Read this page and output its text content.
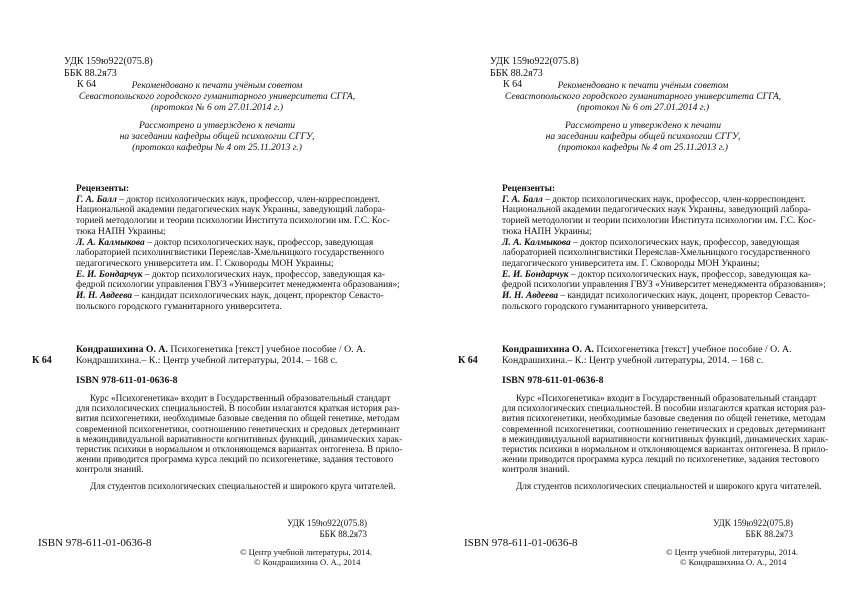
УДК 159ю922(075.8)
ББК 88.2я73
К 64	Рекомендовано к печати учёным советом
Севастопольского городского гуманитарного университета СГГА,
(протокол № 6 от 27.01.2014 г.)
Рассмотрено и утверждено к печати
на заседании кафедры общей психологии СГГУ,
(протокол кафедры № 4 от 25.11.2013 г.)
Рецензенты:
Г. А. Балл – доктор психологических наук, профессор, член-корреспондент.
Национальной академии педагогических наук Украины, заведующий лабора-
торией методологии и теории психологии Института психологии им. Г.С. Кос-
тюка НАПН Украины;
Л. А. Калмыкова – доктор психологических наук, профессор, заведующая
лабораторией психолингвистики Переяслав-Хмельницкого государственного
педагогического университета им. Г. Сковороды МОН Украины;
Е. И. Бондарчук – доктор психологических наук, профессор, заведующая ка-
федрой психологии управления ГВУЗ «Университет менеджмента образования»;
И. Н. Авдеева – кандидат психологических наук, доцент, проректор Севасто-
польского городского гуманитарного университета.
К 64
Кондрашихина О. А. Психогенетика [текст] учебное пособие / О. А.
Кондрашихина.– К.: Центр учебной литературы, 2014. – 168 с.
ISBN 978-611-01-0636-8
Курс «Психогенетика» входит в Государственный образовательный стандарт
для психологических специальностей. В пособии излагаются краткая история раз-
вития психогенетики, необходимые базовые сведения по общей генетике, методам
современной психогенетики, соотношению генетических и средовых детерминант
в межиндивидуальной вариативности когнитивных функций, динамических харак-
теристик психики в нормальном и отклоняющемся вариантах онтогенеза. В прило-
жении приводится программа курса лекций по психогенетике, задания тестового
контроля знаний.
Для студентов психологических специальностей и широкого круга читателей.
УДК 159ю922(075.8)
ББК 88.2я73
ISBN 978-611-01-0636-8
© Центр учебной литературы, 2014.
© Кондрашихина О. А., 2014
УДК 159ю922(075.8)
ББК 88.2я73
К 64	Рекомендовано к печати учёным советом
Севастопольского городского гуманитарного университета СГГА,
(протокол № 6 от 27.01.2014 г.)
Рассмотрено и утверждено к печати
на заседании кафедры общей психологии СГГУ,
(протокол кафедры № 4 от 25.11.2013 г.)
Рецензенты:
Г. А. Балл – доктор психологических наук, профессор, член-корреспондент.
Национальной академии педагогических наук Украины, заведующий лабора-
торией методологии и теории психологии Института психологии им. Г.С. Кос-
тюка НАПН Украины;
Л. А. Калмыкова – доктор психологических наук, профессор, заведующая
лабораторией психолингвистики Переяслав-Хмельницкого государственного
педагогического университета им. Г. Сковороды МОН Украины;
Е. И. Бондарчук – доктор психологических наук, профессор, заведующая ка-
федрой психологии управления ГВУЗ «Университет менеджмента образования»;
И. Н. Авдеева – кандидат психологических наук, доцент, проректор Севасто-
польского городского гуманитарного университета.
К 64
Кондрашихина О. А. Психогенетика [текст] учебное пособие / О. А.
Кондрашихина.– К.: Центр учебной литературы, 2014. – 168 с.
ISBN 978-611-01-0636-8
Курс «Психогенетика» входит в Государственный образовательный стандарт
для психологических специальностей. В пособии излагаются краткая история раз-
вития психогенетики, необходимые базовые сведения по общей генетике, методам
современной психогенетики, соотношению генетических и средовых детерминант
в межиндивидуальной вариативности когнитивных функций, динамических харак-
теристик психики в нормальном и отклоняющемся вариантах онтогенеза. В прило-
жении приводится программа курса лекций по психогенетике, задания тестового
контроля знаний.
Для студентов психологических специальностей и широкого круга читателей.
УДК 159ю922(075.8)
ББК 88.2я73
ISBN 978-611-01-0636-8
© Центр учебной литературы, 2014.
© Кондрашихина О. А., 2014
